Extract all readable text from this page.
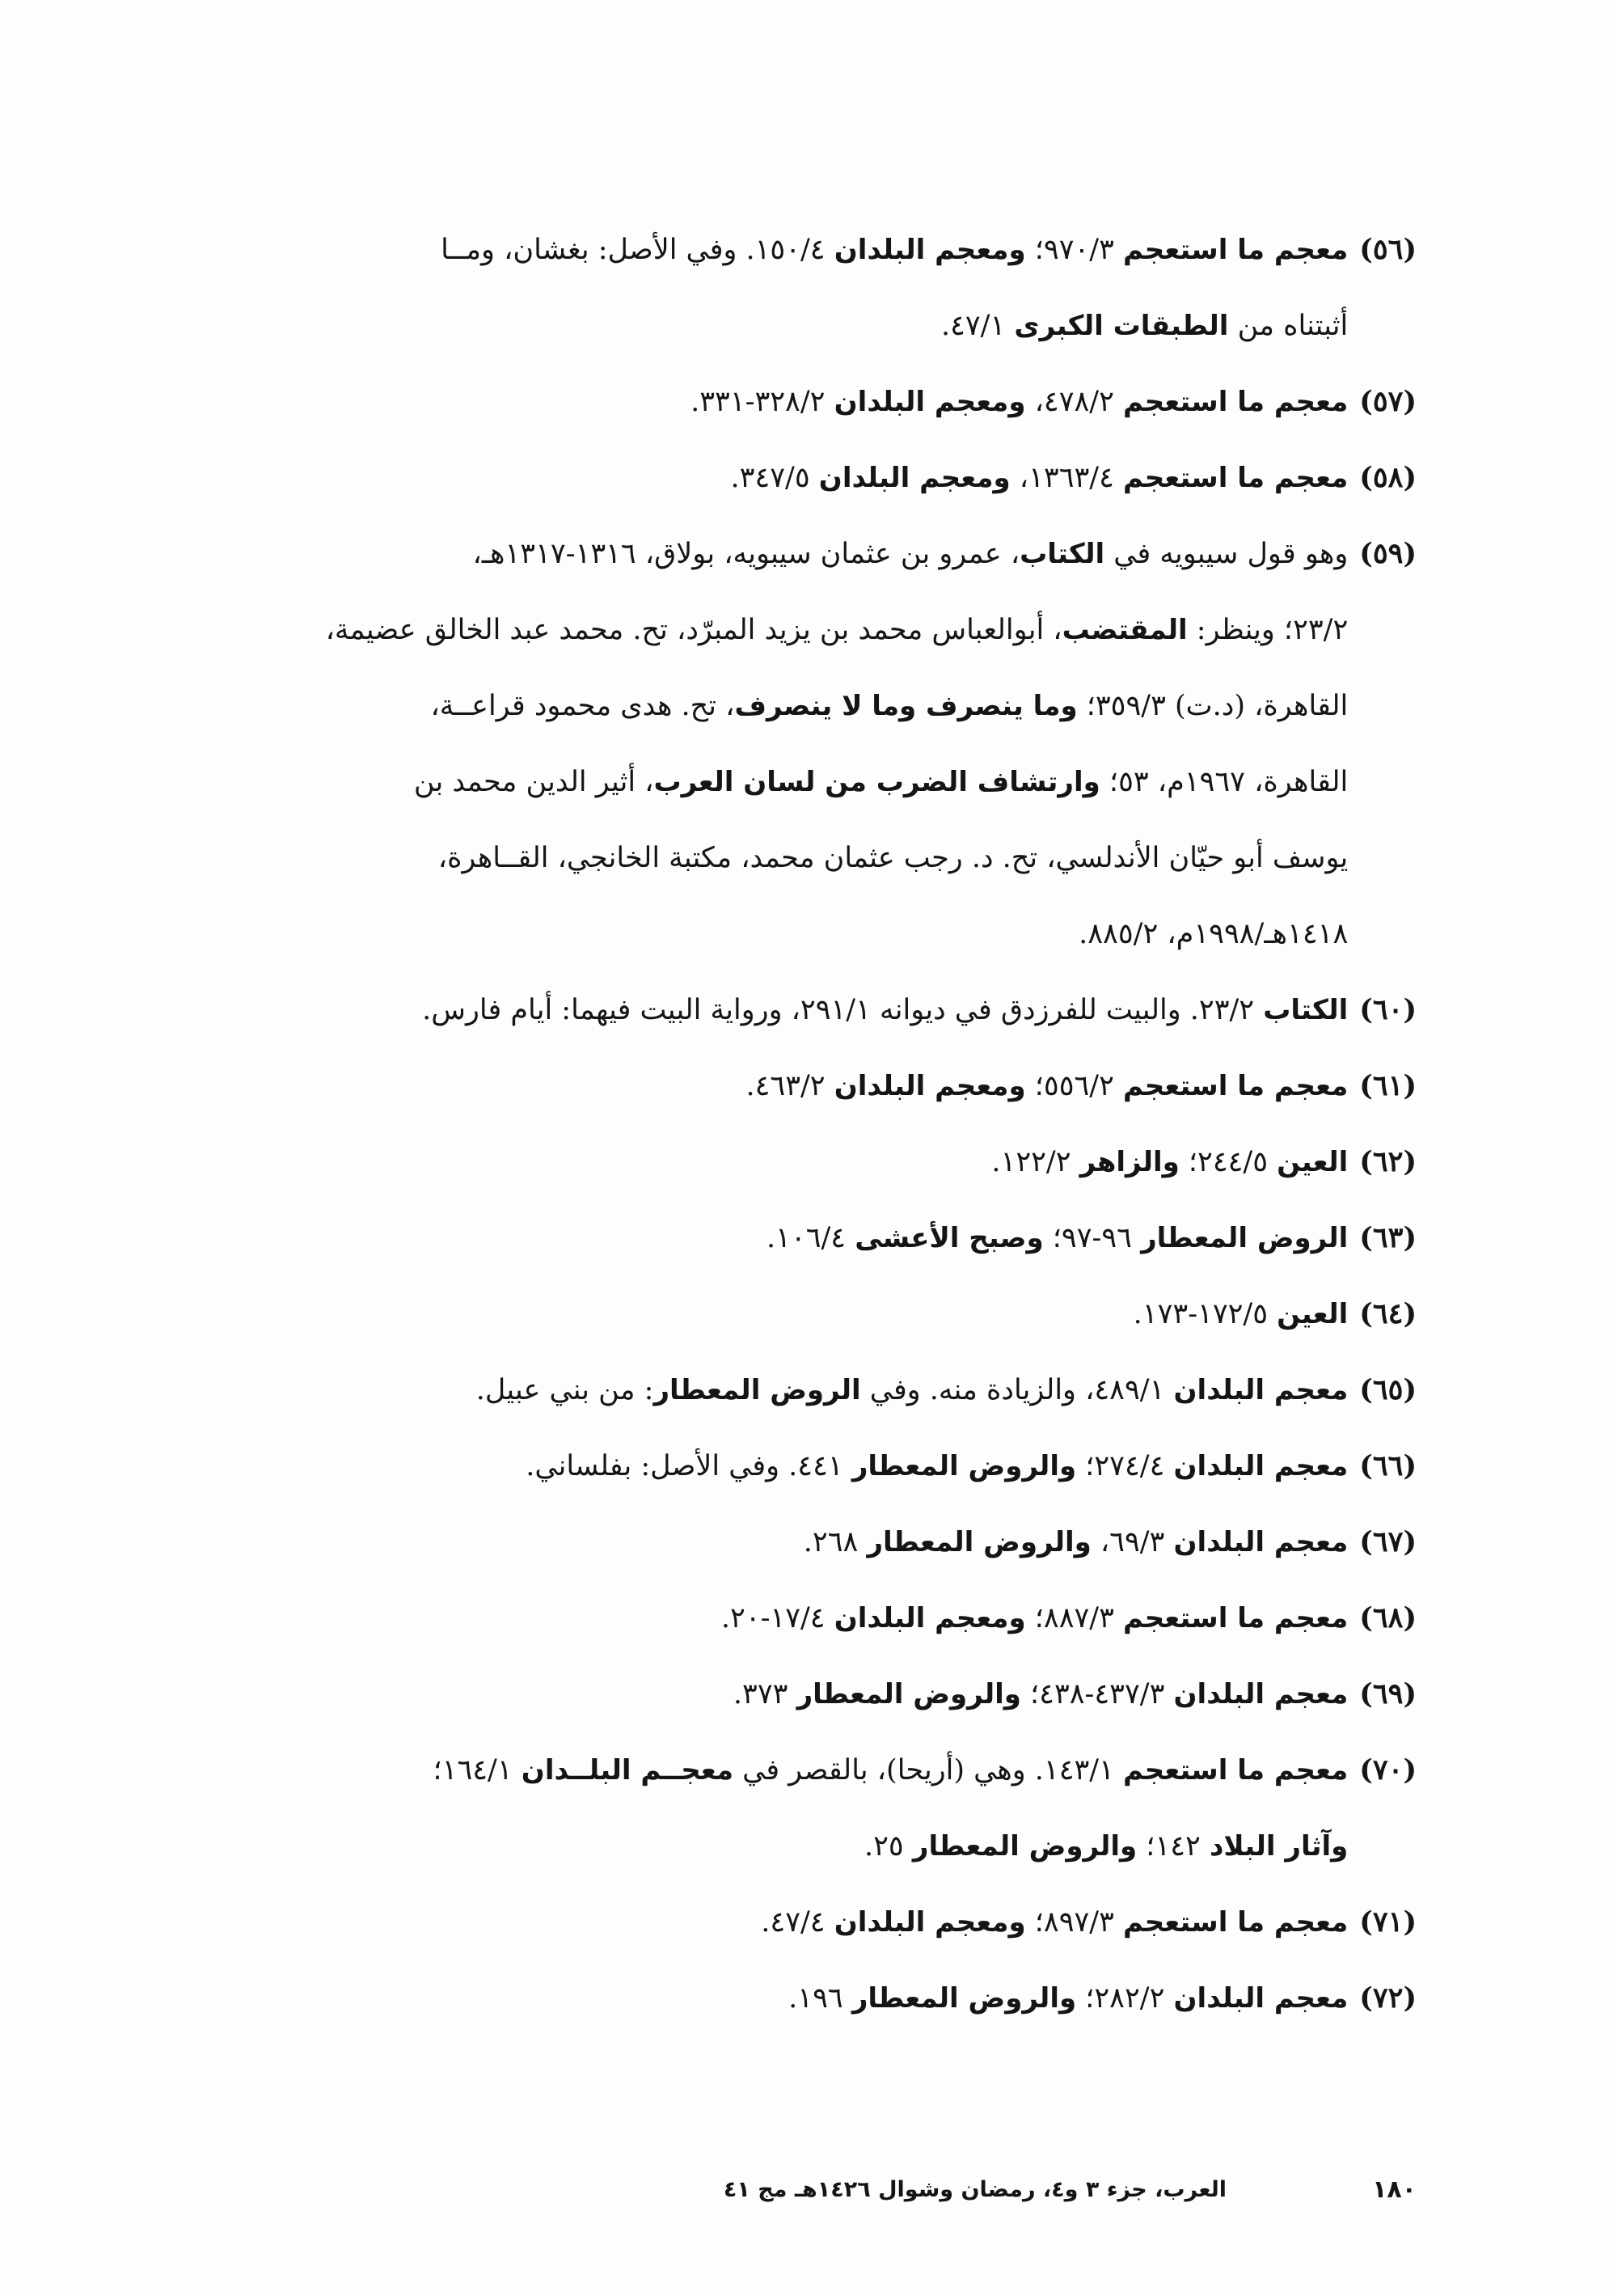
(٥٦)
معجم ما استعجم ٩٧٠/٣؛ ومعجم البلدان ١٥٠/٤. وفي الأصل: بغشان، ومــا
أثبتناه من الطبقات الكبرى ٤٧/١.
(٥٧)
معجم ما استعجم ٤٧٨/٢، ومعجم البلدان ٣٢٨/٢-٣٣١.
(٥٨)
معجم ما استعجم ١٣٦٣/٤، ومعجم البلدان ٣٤٧/٥.
(٥٩)
وهو قول سيبويه في الكتاب، عمرو بن عثمان سيبويه، بولاق، ١٣١٦-١٣١٧هـ،
٢٣/٢؛ وينظر: المقتضب، أبوالعباس محمد بن يزيد المبرّد، تح. محمد عبد الخالق عضيمة،
القاهرة، (د.ت) ٣٥٩/٣؛ وما ينصرف وما لا ينصرف، تح. هدى محمود قراعــة،
القاهرة، ١٩٦٧م، ٥٣؛ وارتشاف الضرب من لسان العرب، أثير الدين محمد بن
يوسف أبو حيّان الأندلسي، تح. د. رجب عثمان محمد، مكتبة الخانجي، القــاهرة،
١٤١٨هـ/١٩٩٨م، ٨٨٥/٢.
(٦٠)
الكتاب ٢٣/٢. والبيت للفرزدق في ديوانه ٢٩١/١، ورواية البيت فيهما: أيام فارس.
(٦١)
معجم ما استعجم ٥٥٦/٢؛ ومعجم البلدان ٤٦٣/٢.
(٦٢)
العين ٢٤٤/٥؛ والزاهر ١٢٢/٢.
(٦٣)
الروض المعطار ٩٦-٩٧؛ وصبح الأعشى ١٠٦/٤.
(٦٤)
العين ١٧٢/٥-١٧٣.
(٦٥)
معجم البلدان ٤٨٩/١، والزيادة منه. وفي الروض المعطار: من بني عبيل.
(٦٦)
معجم البلدان ٢٧٤/٤؛ والروض المعطار ٤٤١. وفي الأصل: بفلساني.
(٦٧)
معجم البلدان ٦٩/٣، والروض المعطار ٢٦٨.
(٦٨)
معجم ما استعجم ٨٨٧/٣؛ ومعجم البلدان ١٧/٤-٢٠.
(٦٩)
معجم البلدان ٤٣٧/٣-٤٣٨؛ والروض المعطار ٣٧٣.
(٧٠)
معجم ما استعجم ١٤٣/١. وهي (أريحا)، بالقصر في معجــم البلــدان ١٦٤/١؛
وآثار البلاد ١٤٢؛ والروض المعطار ٢٥.
(٧١)
معجم ما استعجم ٨٩٧/٣؛ ومعجم البلدان ٤٧/٤.
(٧٢)
معجم البلدان ٢٨٢/٢؛ والروض المعطار ١٩٦.
١٨٠
العرب، جزء ٣ و٤، رمضان وشوال ١٤٢٦هـ مج ٤١
